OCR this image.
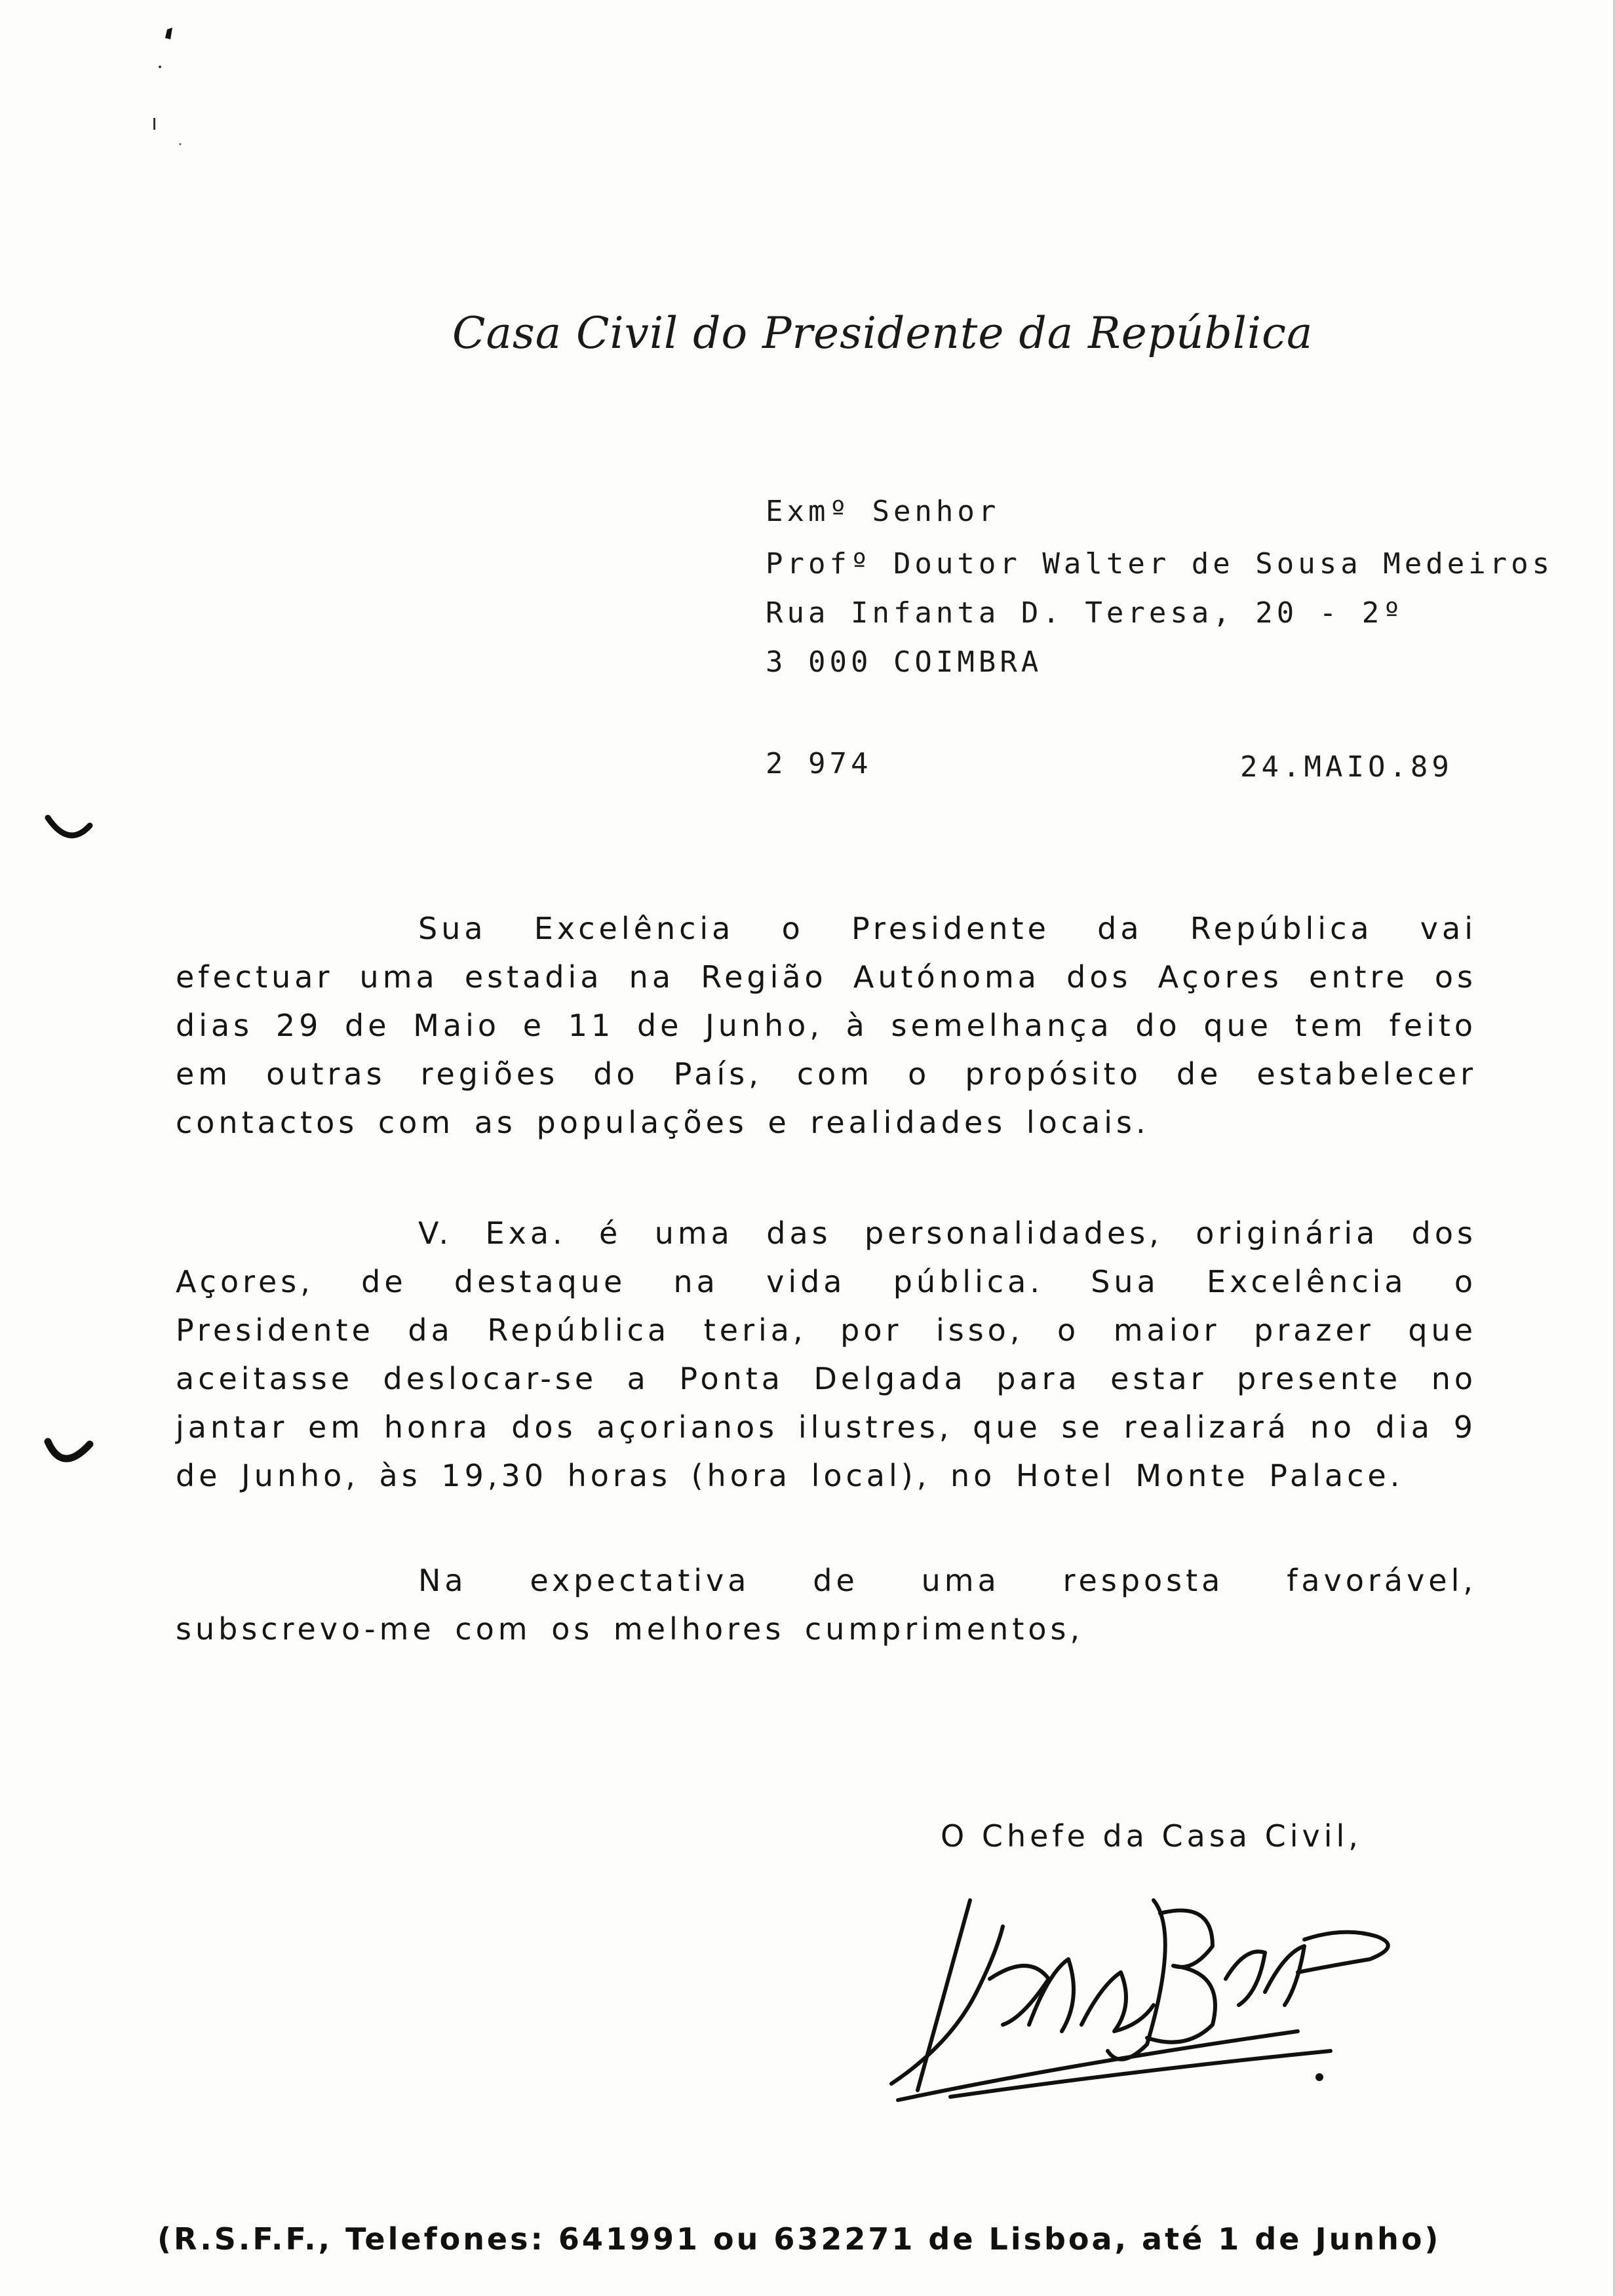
Casa Civil do Presidente da República
Exmº Senhor
Profº Doutor Walter de Sousa Medeiros
Rua Infanta D. Teresa, 20 - 2º
3 000 COIMBRA
2 974	24.MAIO.89

Sua Excelência o Presidente da República vai efectuar uma estadia na Região Autónoma dos Açores entre os dias 29 de Maio e 11 de Junho, à semelhança do que tem feito em outras regiões do País, com o propósito de estabelecer contactos com as populações e realidades locais.

V. Exa. é uma das personalidades, originária dos Açores, de destaque na vida pública. Sua Excelência o Presidente da República teria, por isso, o maior prazer que aceitasse deslocar-se a Ponta Delgada para estar presente no jantar em honra dos açorianos ilustres, que se realizará no dia 9 de Junho, às 19,30 horas (hora local), no Hotel Monte Palace.

Na expectativa de uma resposta favorável, subscrevo-me com os melhores cumprimentos,

O Chefe da Casa Civil,
(R.S.F.F., Telefones: 641991 ou 632271 de Lisboa, até 1 de Junho)
